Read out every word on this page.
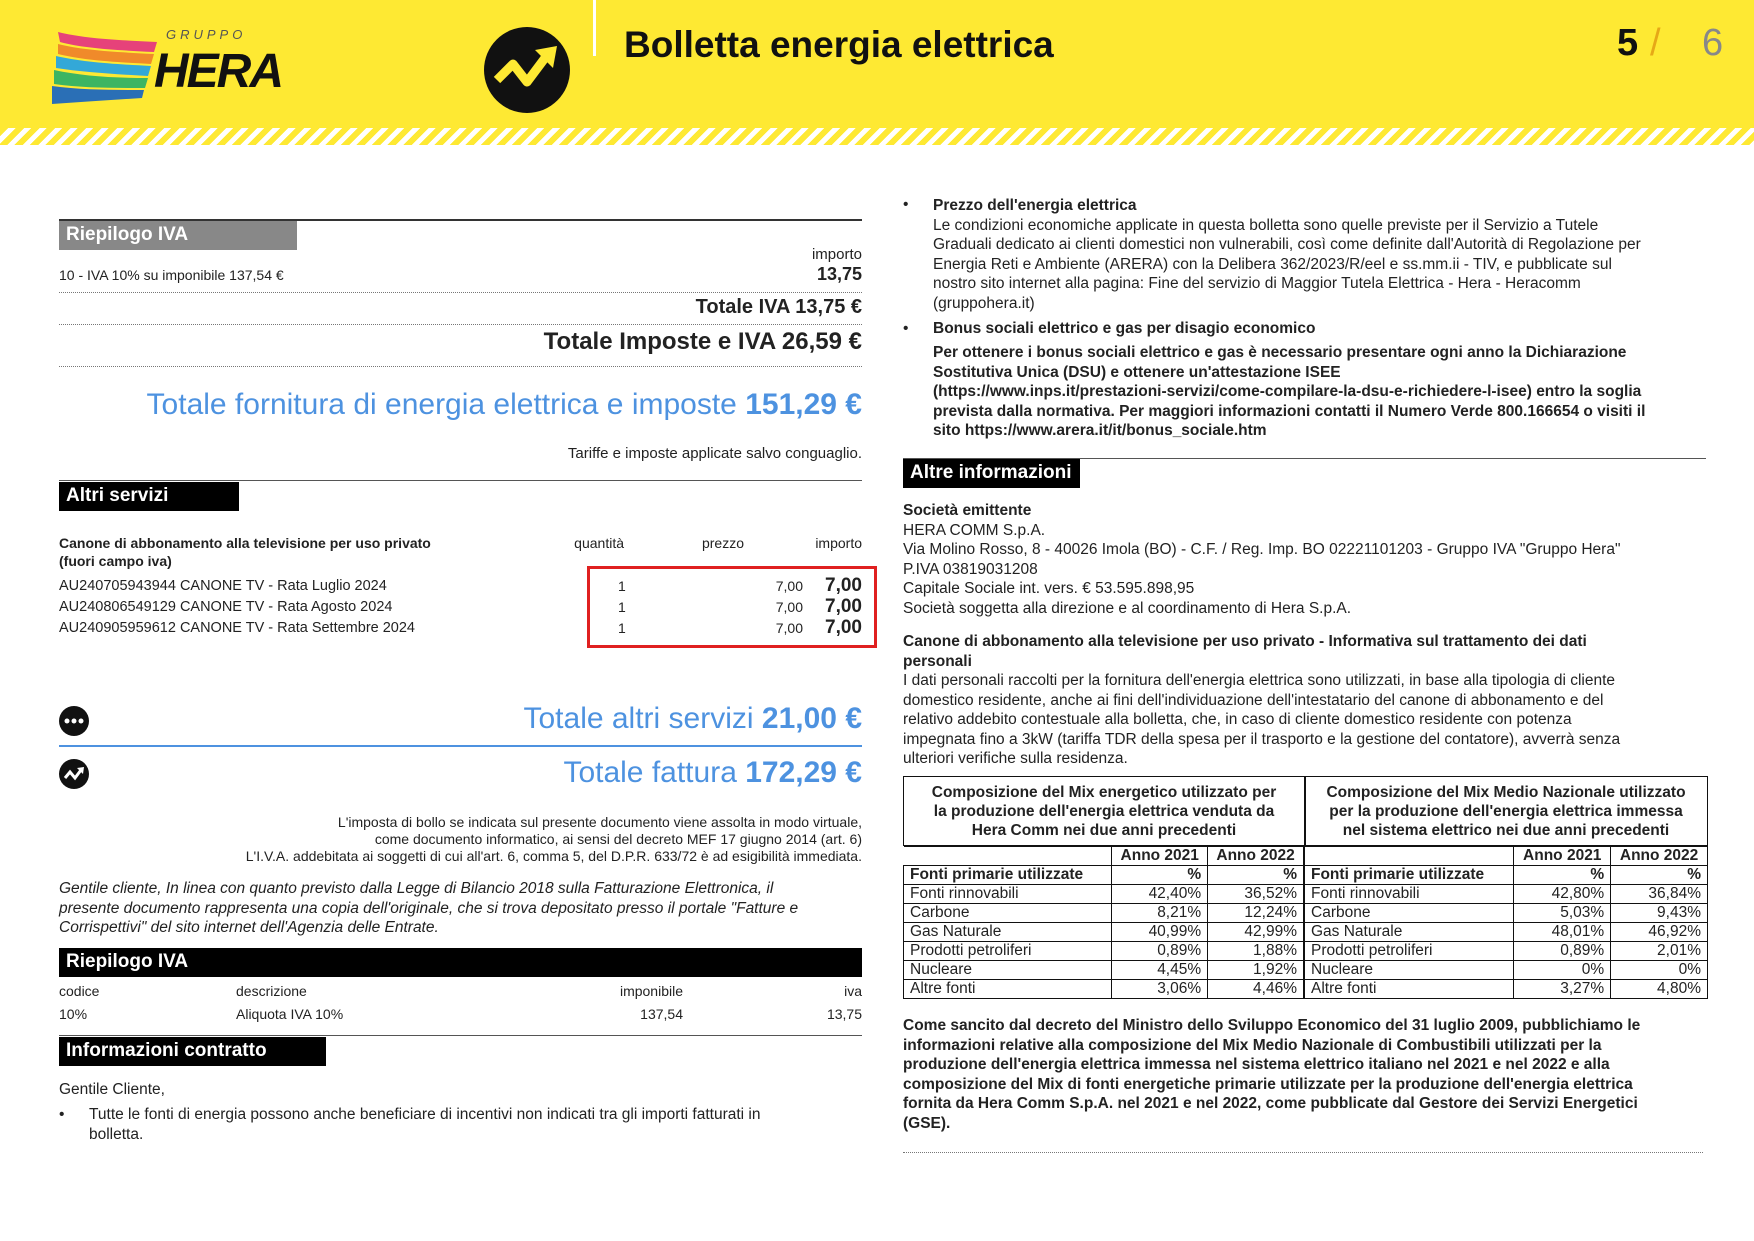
GRUPPO
HERA
Bolletta energia elettrica	5 / 6
Riepilogo IVA
importo
10 - IVA 10% su imponibile 137,54 €	13,75
Totale IVA 13,75 €
Totale Imposte e IVA 26,59 €
Totale fornitura di energia elettrica e imposte 151,29 €
Tariffe e imposte applicate salvo conguaglio.
Altri servizi
Canone di abbonamento alla televisione per uso privato
(fuori campo iva)
quantità	prezzo	importo
AU240705943944 CANONE TV - Rata Luglio 2024	1	7,00	7,00
AU240806549129 CANONE TV - Rata Agosto 2024	1	7,00	7,00
AU240905959612 CANONE TV - Rata Settembre 2024	1	7,00	7,00
Totale altri servizi 21,00 €
Totale fattura 172,29 €
L'imposta di bollo se indicata sul presente documento viene assolta in modo virtuale,
come documento informatico, ai sensi del decreto MEF 17 giugno 2014 (art. 6)
L'I.V.A. addebitata ai soggetti di cui all'art. 6, comma 5, del D.P.R. 633/72 è ad esigibilità immediata.
Gentile cliente, In linea con quanto previsto dalla Legge di Bilancio 2018 sulla Fatturazione Elettronica, il
presente documento rappresenta una copia dell'originale, che si trova depositato presso il portale "Fatture e
Corrispettivi" del sito internet dell'Agenzia delle Entrate.
Riepilogo IVA
codice	descrizione	imponibile	iva
10%	Aliquota IVA 10%	137,54	13,75
Informazioni contratto
Gentile Cliente,
• Tutte le fonti di energia possono anche beneficiare di incentivi non indicati tra gli importi fatturati in
bolletta.
• Prezzo dell'energia elettrica
Le condizioni economiche applicate in questa bolletta sono quelle previste per il Servizio a Tutele
Graduali dedicato ai clienti domestici non vulnerabili, così come definite dall'Autorità di Regolazione per
Energia Reti e Ambiente (ARERA) con la Delibera 362/2023/R/eel e ss.mm.ii - TIV, e pubblicate sul
nostro sito internet alla pagina: Fine del servizio di Maggior Tutela Elettrica - Hera - Heracomm
(gruppohera.it)
• Bonus sociali elettrico e gas per disagio economico
Per ottenere i bonus sociali elettrico e gas è necessario presentare ogni anno la Dichiarazione
Sostitutiva Unica (DSU) e ottenere un'attestazione ISEE
(https://www.inps.it/prestazioni-servizi/come-compilare-la-dsu-e-richiedere-l-isee) entro la soglia
prevista dalla normativa. Per maggiori informazioni contatti il Numero Verde 800.166654 o visiti il
sito https://www.arera.it/it/bonus_sociale.htm
Altre informazioni
Società emittente
HERA COMM S.p.A.
Via Molino Rosso, 8 - 40026 Imola (BO) - C.F. / Reg. Imp. BO 02221101203 - Gruppo IVA "Gruppo Hera"
P.IVA 03819031208
Capitale Sociale int. vers. € 53.595.898,95
Società soggetta alla direzione e al coordinamento di Hera S.p.A.
Canone di abbonamento alla televisione per uso privato - Informativa sul trattamento dei dati
personali
I dati personali raccolti per la fornitura dell'energia elettrica sono utilizzati, in base alla tipologia di cliente
domestico residente, anche ai fini dell'individuazione dell'intestatario del canone di abbonamento e del
relativo addebito contestuale alla bolletta, che, in caso di cliente domestico residente con potenza
impegnata fino a 3kW (tariffa TDR della spesa per il trasporto e la gestione del contatore), avverrà senza
ulteriori verifiche sulla residenza.
Composizione del Mix energetico utilizzato per
la produzione dell'energia elettrica venduta da
Hera Comm nei due anni precedenti
Composizione del Mix Medio Nazionale utilizzato
per la produzione dell'energia elettrica immessa
nel sistema elettrico nei due anni precedenti
	Anno 2021	Anno 2022
Fonti primarie utilizzate	%	%
Fonti rinnovabili	42,40%	36,52%
Carbone	8,21%	12,24%
Gas Naturale	40,99%	42,99%
Prodotti petroliferi	0,89%	1,88%
Nucleare	4,45%	1,92%
Altre fonti	3,06%	4,46%
	Anno 2021	Anno 2022
Fonti primarie utilizzate	%	%
Fonti rinnovabili	42,80%	36,84%
Carbone	5,03%	9,43%
Gas Naturale	48,01%	46,92%
Prodotti petroliferi	0,89%	2,01%
Nucleare	0%	0%
Altre fonti	3,27%	4,80%
Come sancito dal decreto del Ministro dello Sviluppo Economico del 31 luglio 2009, pubblichiamo le
informazioni relative alla composizione del Mix Medio Nazionale di Combustibili utilizzati per la
produzione dell'energia elettrica immessa nel sistema elettrico italiano nel 2021 e nel 2022 e alla
composizione del Mix di fonti energetiche primarie utilizzate per la produzione dell'energia elettrica
fornita da Hera Comm S.p.A. nel 2021 e nel 2022, come pubblicate dal Gestore dei Servizi Energetici
(GSE).
